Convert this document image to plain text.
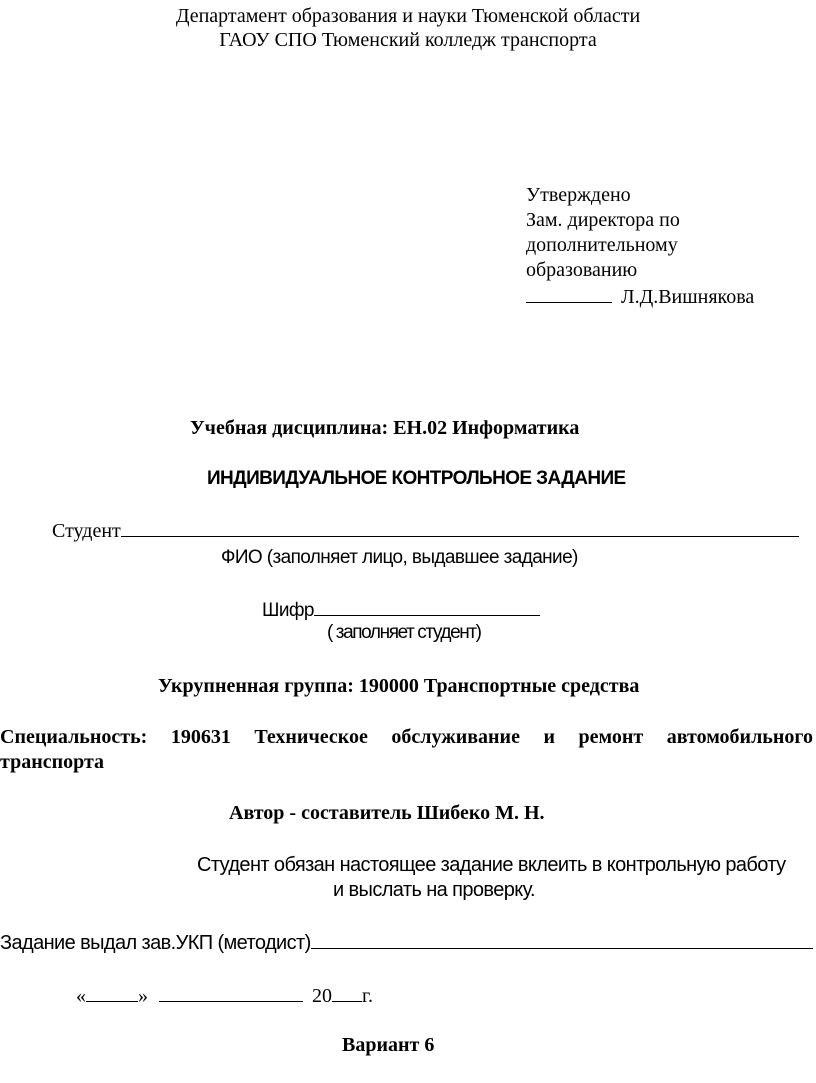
Департамент образования и науки Тюменской области
ГАОУ СПО Тюменский колледж транспорта
Утверждено
Зам. директора по
дополнительному
образованию
Л.Д.Вишнякова
Учебная дисциплина: ЕН.02 Информатика
ИНДИВИДУАЛЬНОЕ КОНТРОЛЬНОЕ ЗАДАНИЕ
Студент
ФИО (заполняет лицо, выдавшее задание)
Шифр
( заполняет студент)
Укрупненная группа: 190000 Транспортные средства
Специальность: 190631 Техническое обслуживание и ремонт автомобильного
транспорта
Автор - составитель Шибеко М. Н.
Студент обязан настоящее задание вклеить в контрольную работу
и выслать на проверку.
Задание выдал зав.УКП (методист)
«	»	20 г.
Вариант 6
